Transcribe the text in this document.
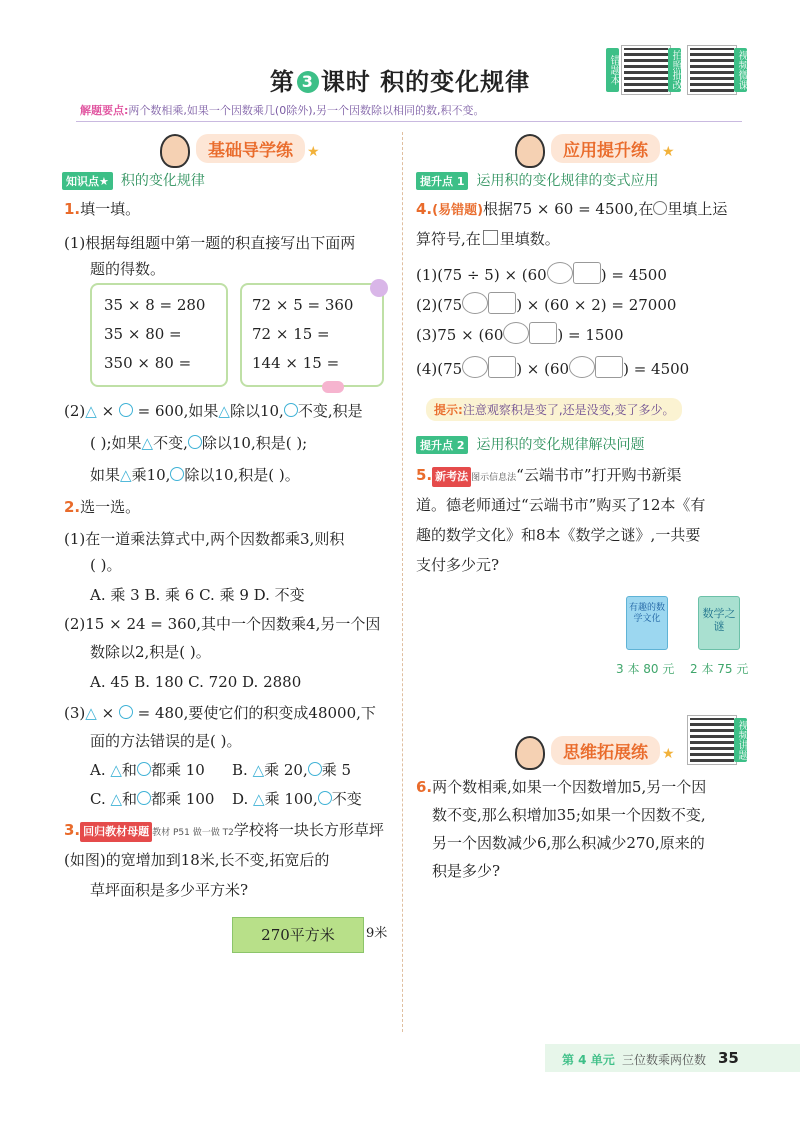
第 3 课时 积的变化规律	错题本	拍照批改	视频微课
解题要点:两个数相乘,如果一个因数乘几(0除外),另一个因数除以相同的数,积不变。
基础导学练 ★
知识点★ 积的变化规律
1.填一填。
(1)根据每组题中第一题的积直接写出下面两
题的得数。
35 × 8 = 280
35 × 80 =
350 × 80 =
72 × 5 = 360
72 × 15 =
144 × 15 =
(2)△ ×  = 600,如果△除以10, 不变,积是
( );如果△不变, 除以10,积是( );
如果△乘10, 除以10,积是( )。
2.选一选。
(1)在一道乘法算式中,两个因数都乘3,则积
( )。
A. 乘 3 B. 乘 6 C. 乘 9 D. 不变
(2)15 × 24 = 360,其中一个因数乘4,另一个因
数除以2,积是( )。
A. 45 B. 180 C. 720 D. 2880
(3)△ ×  = 480,要使它们的积变成48000,下
面的方法错误的是( )。
A. △和 都乘 10 B. △乘 20, 乘 5
C. △和 都乘 100 D. △乘 100, 不变
3. 回归教材母题 教材 P51 做一做 T2学校将一块长方形草坪
(如图)的宽增加到18米,长不变,拓宽后的
草坪面积是多少平方米?
270平方米	9米
应用提升练 ★
提升点 1 运用积的变化规律的变式应用
4.(易错题)根据75 × 60 = 4500,在 里填上运
算符号,在 里填数。
(1)(75 ÷ 5) × (60	) = 4500
(2)(75	) × (60 × 2) = 27000
(3)75 × (60	) = 1500
(4)(75	) × (60	) = 4500
提示:注意观察积是变了,还是没变,变了多少。
提升点 2 运用积的变化规律解决问题
5. 新考法 图示信息法“云端书市”打开购书新渠
道。德老师通过“云端书市”购买了12本《有
趣的数学文化》和8本《数学之谜》,一共要
支付多少元?
有趣的数学文化
3 本 80 元
数学之谜
2 本 75 元
思维拓展练 ★	视频讲题
6.两个数相乘,如果一个因数增加5,另一个因
数不变,那么积增加35;如果一个因数不变,
另一个因数减少6,那么积减少270,原来的
积是多少?
第 4 单元 三位数乘两位数 35
